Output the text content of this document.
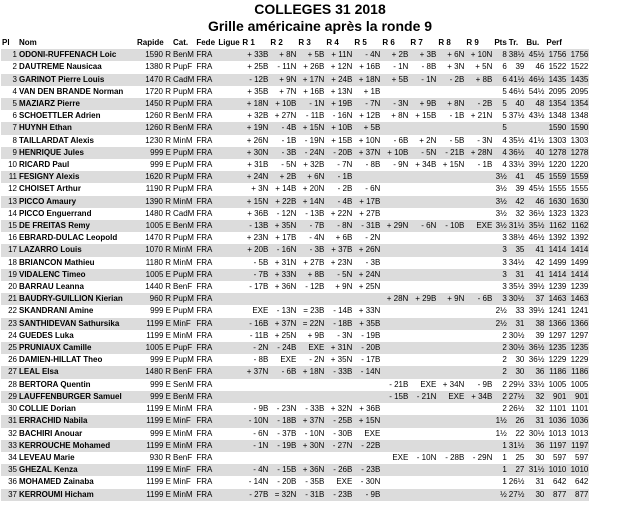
COLLEGES 31 2018
Grille américaine après la ronde 9
Pl	Nom	Rapide	Cat.	Fede	Ligue	R 1	R 2	R 3	R 4	R 5	R 6	R 7	R 8	R 9	Pts	Tr.	Bu.	Perf	
1	ODONI-RUFFENACH Loic	1590 R	BenM	FRA		+ 33B	+ 8N	+ 5B	+ 11N	- 4N	+ 2B	+ 3B	+ 6N	+ 10N	8	38½	45½	1756	1756
2	DAUTREME Nausicaa	1380 R	PupF	FRA		+ 25B	- 11N	+ 26B	+ 12N	+ 16B	- 1N	- 8B	+ 3N	+ 5N	6	39	46	1522	1522
3	GARINOT Pierre Louis	1470 R	CadM	FRA		- 12B	+ 9N	+ 17N	+ 24B	+ 18N	+ 5B	- 1N	- 2B	+ 8B	6	41½	46½	1435	1435
4	VAN DEN BRANDE Norman	1720 R	PupM	FRA		+ 35B	+ 7N	+ 16B	+ 13N	+ 1B					5	46½	54½	2095	2095
5	MAZIARZ Pierre	1450 R	PupM	FRA		+ 18N	+ 10B	- 1N	+ 19B	- 7N	- 3N	+ 9B	+ 8N	- 2B	5	40	48	1354	1354
6	SCHOETTLER Adrien	1260 R	BenM	FRA		+ 32B	+ 27N	- 11B	- 16N	+ 12B	+ 8N	+ 15B	- 1B	+ 21N	5	37½	43½	1348	1348
7	HUYNH Ethan	1260 R	BenM	FRA		+ 19N	- 4B	+ 15N	+ 10B	+ 5B					5			1590	1590
8	TAILLARDAT Alexis	1230 R	MinM	FRA		+ 26N	- 1B	- 19N	+ 15B	+ 10N	- 6B	+ 2N	- 5B	- 3N	4	35½	41½	1303	1303
9	HENRIQUE Jules	999 E	PupM	FRA		+ 30N	- 3B	- 24N	- 20B	+ 37N	+ 10B	- 5N	- 21B	+ 28N	4	36½	40	1278	1278
10	RICARD Paul	999 E	PupM	FRA		+ 31B	- 5N	+ 32B	- 7N	- 8B	- 9N	+ 34B	+ 15N	- 1B	4	33½	39½	1220	1220
11	FESIGNY Alexis	1620 R	PupM	FRA		+ 24N	+ 2B	+ 6N	- 1B						3½	41	45	1559	1559
12	CHOISET Arthur	1190 R	PupM	FRA		+ 3N	+ 14B	+ 20N	- 2B	- 6N					3½	39	45½	1555	1555
13	PICCO Amaury	1390 R	MinM	FRA		+ 15N	+ 22B	+ 14N	- 4B	+ 17B					3½	42	46	1630	1630
14	PICCO Enguerrand	1480 R	CadM	FRA		+ 36B	- 12N	- 13B	+ 22N	+ 27B					3½	32	36½	1323	1323
15	DE FREITAS Remy	1005 E	BenM	FRA		- 13B	+ 35N	- 7B	- 8N	- 31B	+ 29N	- 6N	- 10B	EXE	3½	31½	35½	1162	1162
16	EBRARD-DULAC Leopold	1470 R	PupM	FRA		+ 23N	+ 17B	- 4N	+ 6B	- 2N					3	38½	46½	1392	1392
17	LAZARRO Louis	1070 R	MinM	FRA		+ 20B	- 16N	- 3B	+ 37B	+ 26N					3	35	41	1414	1414
18	BRIANCON Mathieu	1180 R	MinM	FRA		- 5B	+ 31N	+ 27B	+ 23N	- 3B					3	34½	42	1499	1499
19	VIDALENC Timeo	1005 E	PupM	FRA		- 7B	+ 33N	+ 8B	- 5N	+ 24N					3	31	41	1414	1414
20	BARRAU Leanna	1440 R	BenF	FRA		- 17B	+ 36N	- 12B	+ 9N	+ 25N					3	35½	39½	1239	1239
21	BAUDRY-GUILLION Kierian	960 R	PupM	FRA							+ 28N	+ 29B	+ 9N	- 6B	3	30½	37	1463	1463
22	SKANDRANI Amine	999 E	PupM	FRA		EXE	- 13N	= 23B	- 14B	+ 33N					2½	33	39½	1241	1241
23	SANTHIDEVAN Sathursika	1199 E	MinF	FRA		- 16B	+ 37N	= 22N	- 18B	+ 35B					2½	31	38	1366	1366
24	GUEDES Luka	1199 E	MinM	FRA		- 11B	+ 25N	+ 9B	- 3N	- 19B					2	30½	39	1297	1297
25	PRUNIAUX Camille	1005 E	PupF	FRA		- 2N	- 24B	EXE	+ 31N	- 20B					2	30½	36½	1235	1235
26	DAMIEN-HILLAT Theo	999 E	PupM	FRA		- 8B	EXE	- 2N	+ 35N	- 17B					2	30	36½	1229	1229
27	LEAL Elsa	1480 R	BenF	FRA		+ 37N	- 6B	+ 18N	- 33B	- 14N					2	30	36	1186	1186
28	BERTORA Quentin	999 E	SenM	FRA							- 21B	EXE	+ 34N	- 9B	2	29½	33½	1005	1005
29	LAUFFENBURGER Samuel	999 E	BenM	FRA							- 15B	- 21N	EXE	+ 34B	2	27½	32	901	901
30	COLLIE Dorian	1199 E	MinM	FRA		- 9B	- 23N	- 33B	+ 32N	+ 36B					2	26½	32	1101	1101
31	ERRACHID Nabila	1199 E	MinF	FRA		- 10N	- 18B	+ 37N	- 25B	+ 15N					1½	26	31	1036	1036
32	BACHIRI Anouar	999 E	MinM	FRA		- 6N	- 37B	- 10N	- 30B	EXE					1½	22	30½	1013	1013
33	KERROUCHE Mohamed	1199 E	MinM	FRA		- 1N	- 19B	+ 30N	- 27N	- 22B					1	31½	36	1197	1197
34	LEVEAU Marie	930 R	BenF	FRA							EXE	- 10N	- 28B	- 29N	1	25	30	597	597
35	GHEZAL Kenza	1199 E	MinF	FRA		- 4N	- 15B	+ 36N	- 26B	- 23B					1	27	31½	1010	1010
36	MOHAMED Zainaba	1199 E	MinF	FRA		- 14N	- 20B	- 35B	EXE	- 30N					1	26½	31	642	642
37	KERROUMI Hicham	1199 E	MinM	FRA		- 27B	= 32N	- 31B	- 23B	- 9B					½	27½	30	877	877
